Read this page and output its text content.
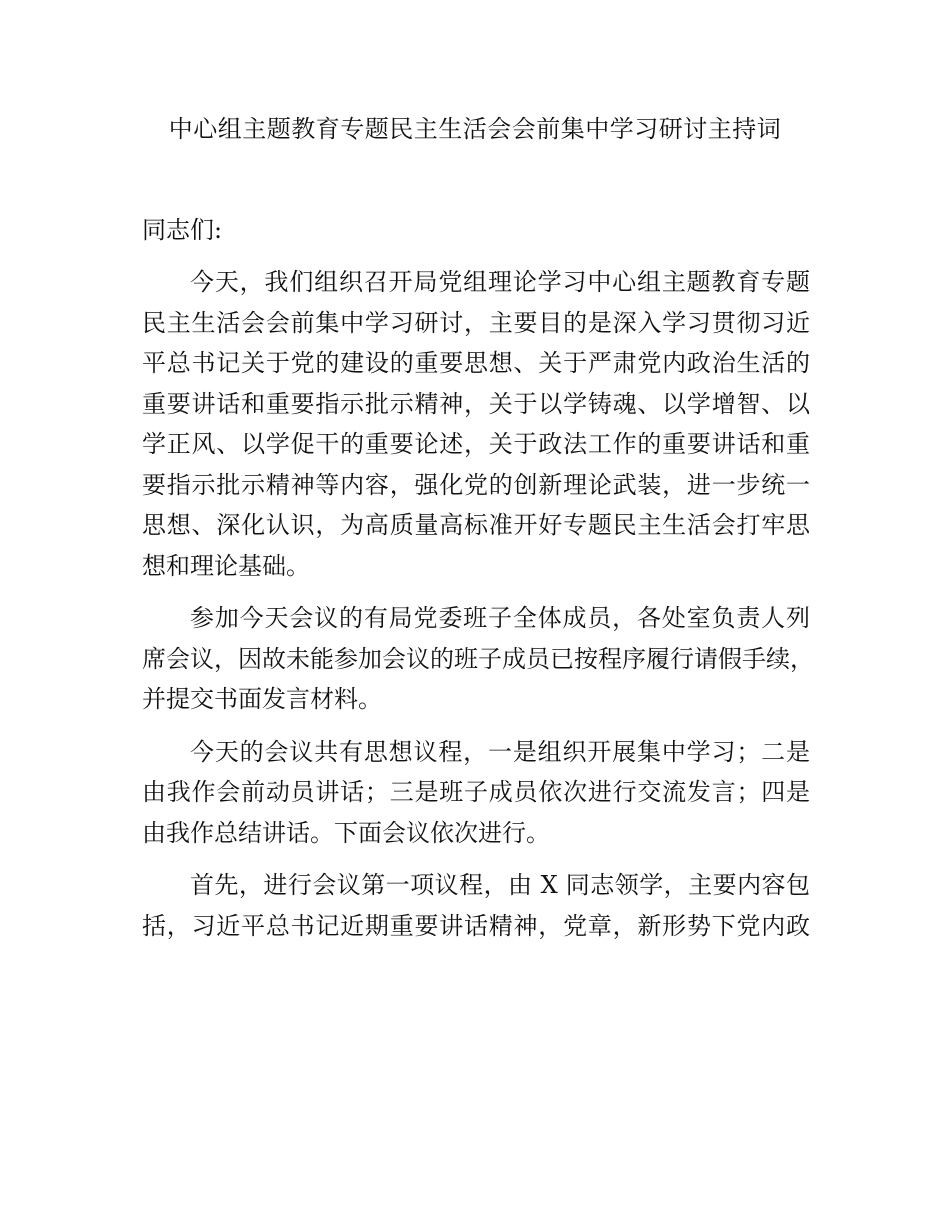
中心组主题教育专题民主生活会会前集中学习研讨主持词
同志们:
今天，我们组织召开局党组理论学习中心组主题教育专题
民主生活会会前集中学习研讨，主要目的是深入学习贯彻习近
平总书记关于党的建设的重要思想、关于严肃党内政治生活的
重要讲话和重要指示批示精神，关于以学铸魂、以学增智、以
学正风、以学促干的重要论述，关于政法工作的重要讲话和重
要指示批示精神等内容，强化党的创新理论武装，进一步统一
思想、深化认识，为高质量高标准开好专题民主生活会打牢思
想和理论基础。
参加今天会议的有局党委班子全体成员，各处室负责人列
席会议，因故未能参加会议的班子成员已按程序履行请假手续，
并提交书面发言材料。
今天的会议共有思想议程，一是组织开展集中学习；二是
由我作会前动员讲话；三是班子成员依次进行交流发言；四是
由我作总结讲话。下面会议依次进行。
首先，进行会议第一项议程，由 X 同志领学，主要内容包
括，习近平总书记近期重要讲话精神，党章，新形势下党内政
